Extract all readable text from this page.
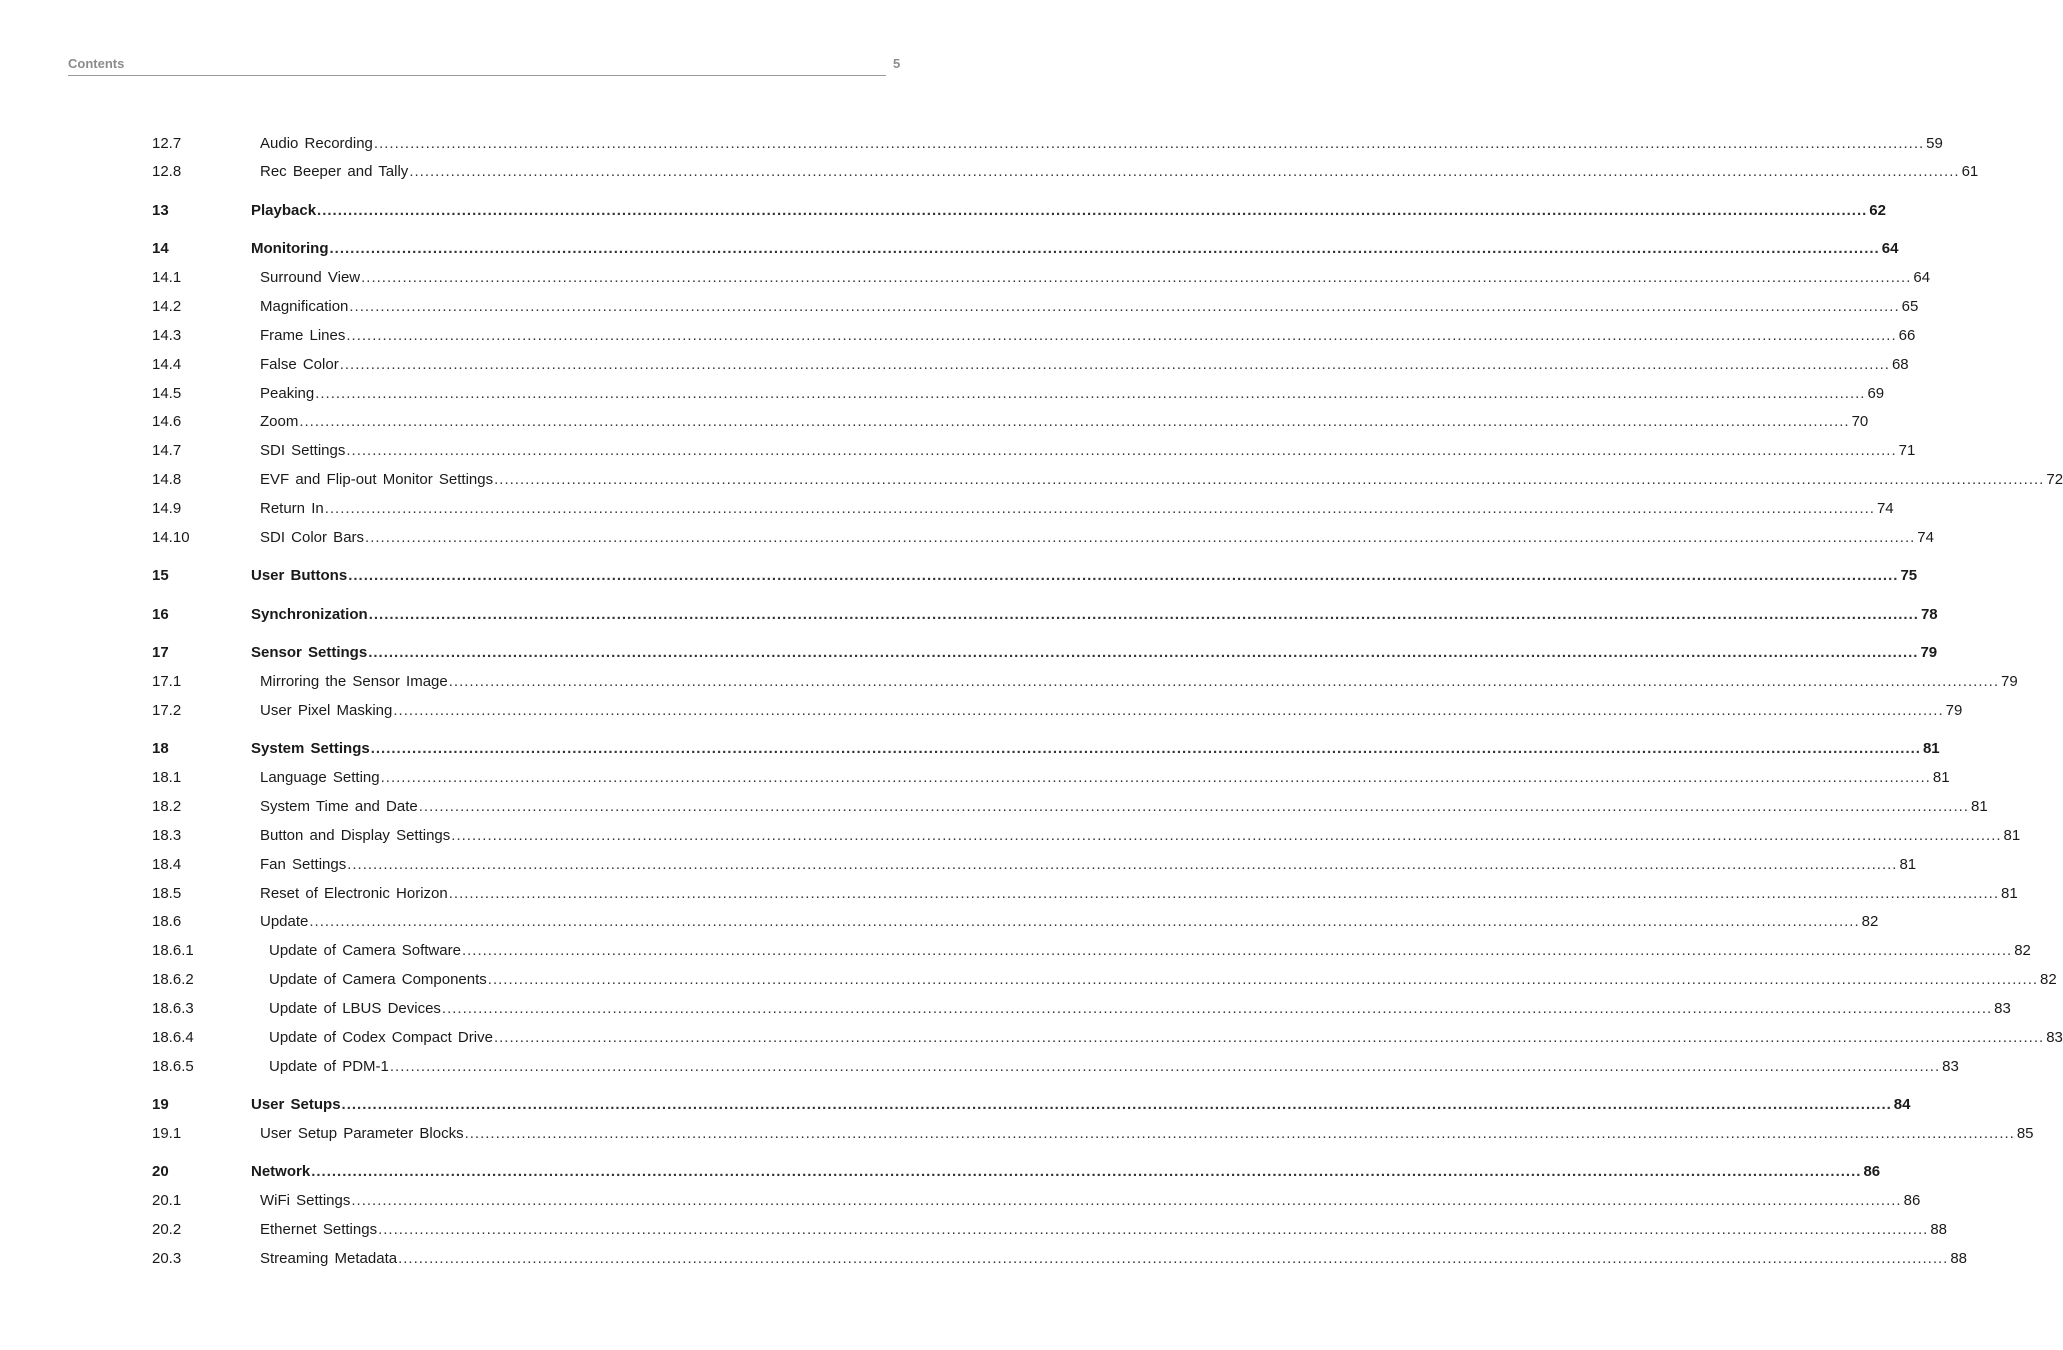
Contents	5
12.7	Audio Recording ............................................................................................................................................................................................................................................................................................................ 59
12.8	Rec Beeper and Tally ............................................................................................................................................................................................................................................................................................................ 61
13	Playback ............................................................................................................................................................................................................................................................................................................ 62
14	Monitoring ............................................................................................................................................................................................................................................................................................................ 64
14.1	Surround View ............................................................................................................................................................................................................................................................................................................ 64
14.2	Magnification ............................................................................................................................................................................................................................................................................................................ 65
14.3	Frame Lines ............................................................................................................................................................................................................................................................................................................ 66
14.4	False Color ............................................................................................................................................................................................................................................................................................................ 68
14.5	Peaking ............................................................................................................................................................................................................................................................................................................ 69
14.6	Zoom ............................................................................................................................................................................................................................................................................................................ 70
14.7	SDI Settings ............................................................................................................................................................................................................................................................................................................ 71
14.8	EVF and Flip-out Monitor Settings ............................................................................................................................................................................................................................................................................................................ 72
14.9	Return In ............................................................................................................................................................................................................................................................................................................ 74
14.10	SDI Color Bars ............................................................................................................................................................................................................................................................................................................ 74
15	User Buttons ............................................................................................................................................................................................................................................................................................................ 75
16	Synchronization ............................................................................................................................................................................................................................................................................................................ 78
17	Sensor Settings ............................................................................................................................................................................................................................................................................................................ 79
17.1	Mirroring the Sensor Image ............................................................................................................................................................................................................................................................................................................ 79
17.2	User Pixel Masking ............................................................................................................................................................................................................................................................................................................ 79
18	System Settings ............................................................................................................................................................................................................................................................................................................ 81
18.1	Language Setting ............................................................................................................................................................................................................................................................................................................ 81
18.2	System Time and Date ............................................................................................................................................................................................................................................................................................................ 81
18.3	Button and Display Settings ............................................................................................................................................................................................................................................................................................................ 81
18.4	Fan Settings ............................................................................................................................................................................................................................................................................................................ 81
18.5	Reset of Electronic Horizon ............................................................................................................................................................................................................................................................................................................ 81
18.6	Update ............................................................................................................................................................................................................................................................................................................ 82
18.6.1	Update of Camera Software ............................................................................................................................................................................................................................................................................................................ 82
18.6.2	Update of Camera Components ............................................................................................................................................................................................................................................................................................................ 82
18.6.3	Update of LBUS Devices ............................................................................................................................................................................................................................................................................................................ 83
18.6.4	Update of Codex Compact Drive ............................................................................................................................................................................................................................................................................................................ 83
18.6.5	Update of PDM-1 ............................................................................................................................................................................................................................................................................................................ 83
19	User Setups ............................................................................................................................................................................................................................................................................................................ 84
19.1	User Setup Parameter Blocks ............................................................................................................................................................................................................................................................................................................ 85
20	Network ............................................................................................................................................................................................................................................................................................................ 86
20.1	WiFi Settings ............................................................................................................................................................................................................................................................................................................ 86
20.2	Ethernet Settings ............................................................................................................................................................................................................................................................................................................ 88
20.3	Streaming Metadata ............................................................................................................................................................................................................................................................................................................ 88
